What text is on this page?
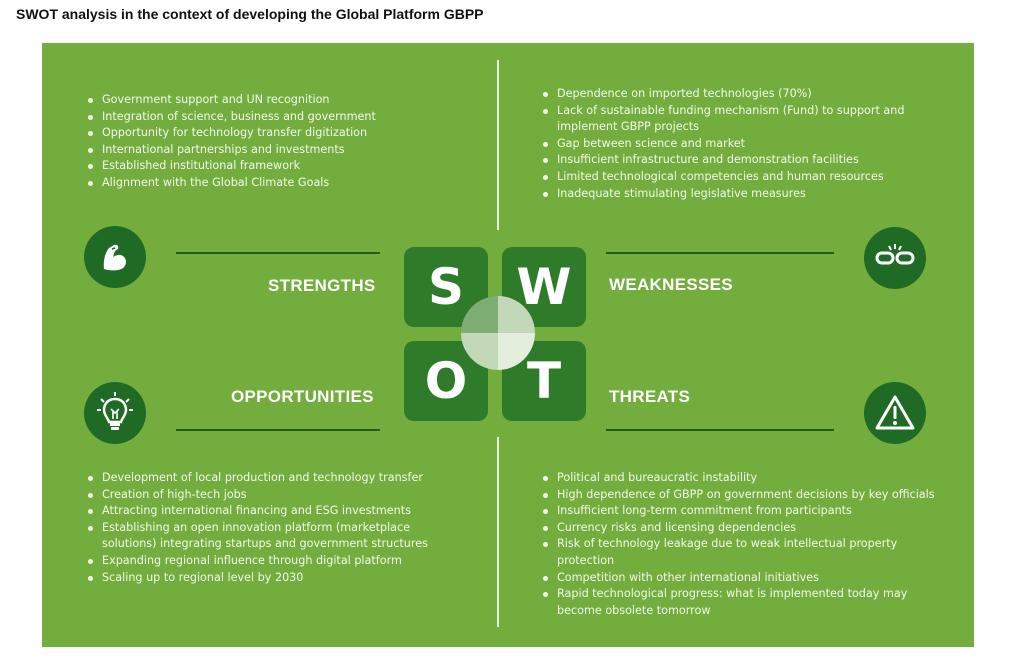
SWOT analysis in the context of developing the Global Platform GBPP
Government support and UN recognition
Integration of science, business and government
Opportunity for technology transfer digitization
International partnerships and investments
Established institutional framework
Alignment with the Global Climate Goals
Dependence on imported technologies (70%)
Lack of sustainable funding mechanism (Fund) to support and implement GBPP projects
Gap between science and market
Insufficient infrastructure and demonstration facilities
Limited technological competencies and human resources
Inadequate stimulating legislative measures
Development of local production and technology transfer
Creation of high-tech jobs
Attracting international financing and ESG investments
Establishing an open innovation platform (marketplace solutions) integrating startups and government structures
Expanding regional influence through digital platform
Scaling up to regional level by 2030
Political and bureaucratic instability
High dependence of GBPP on government decisions by key officials
Insufficient long-term commitment from participants
Currency risks and licensing dependencies
Risk of technology leakage due to weak intellectual property protection
Competition with other international initiatives
Rapid technological progress: what is implemented today may become obsolete tomorrow
STRENGTHS	WEAKNESSES
OPPORTUNITIES	THREATS
S W
O T
